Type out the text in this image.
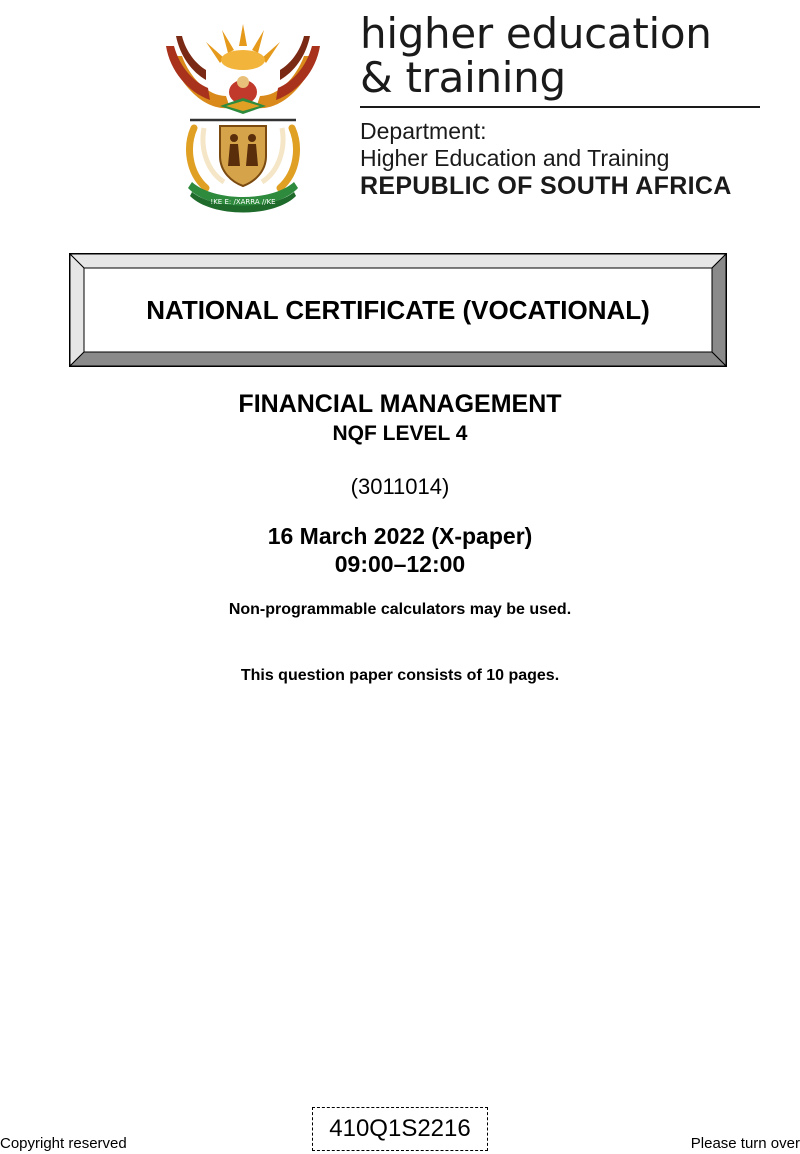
!KE E: /XARRA //KE
higher education
& training
Department:
Higher Education and Training
REPUBLIC OF SOUTH AFRICA
NATIONAL CERTIFICATE (VOCATIONAL)
FINANCIAL MANAGEMENT
NQF LEVEL 4
(3011014)
16 March 2022 (X-paper)
09:00–12:00
Non-programmable calculators may be used.
This question paper consists of 10 pages.
Copyright reserved
410Q1S2216
Please turn over
